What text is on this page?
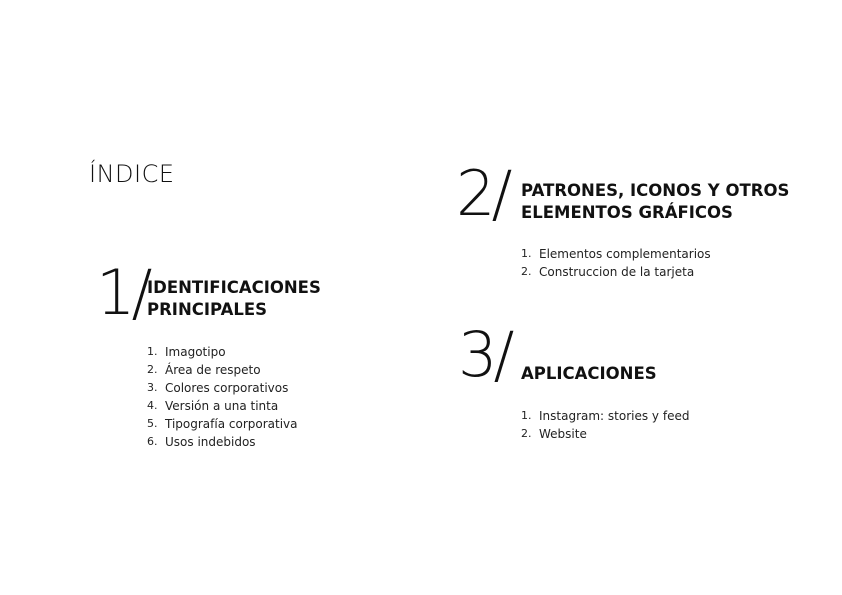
ÍNDICE
1/
IDENTIFICACIONES
PRINCIPALES
1. Imagotipo
2. Área de respeto
3. Colores corporativos
4. Versión a una tinta
5. Tipografía corporativa
6. Usos indebidos
2/ PATRONES, ICONOS Y OTROS
ELEMENTOS GRÁFICOS
1. Elementos complementarios
2. Construccion de la tarjeta
3/ APLICACIONES
1. Instagram: stories y feed
2. Website
